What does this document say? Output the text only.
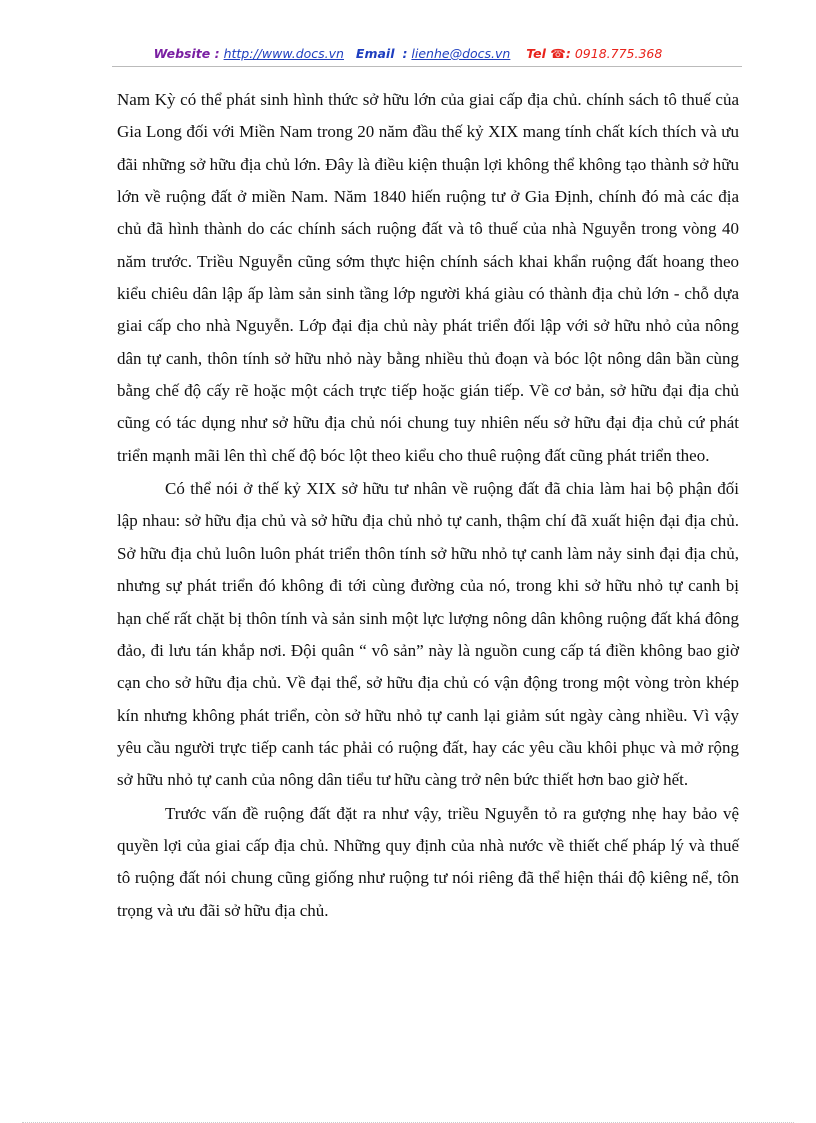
Website : http://www.docs.vn Email : lienhe@docs.vn Tel ☎: 0918.775.368

Nam Kỳ có thể phát sinh hình thức sở hữu lớn của giai cấp địa chủ. chính sách tô thuế của Gia Long đối với Miền Nam trong 20 năm đầu thế kỷ XIX mang tính chất kích thích và ưu đãi những sở hữu địa chủ lớn. Đây là điều kiện thuận lợi không thể không tạo thành sở hữu lớn về ruộng đất ở miền Nam. Năm 1840 hiến ruộng tư ở Gia Định, chính đó mà các địa chủ đã hình thành do các chính sách ruộng đất và tô thuế của nhà Nguyễn trong vòng 40 năm trước. Triều Nguyễn cũng sớm thực hiện chính sách khai khẩn ruộng đất hoang theo kiểu chiêu dân lập ấp làm sản sinh tầng lớp người khá giàu có thành địa chủ lớn - chỗ dựa giai cấp cho nhà Nguyễn. Lớp đại địa chủ này phát triển đối lập với sở hữu nhỏ của nông dân tự canh, thôn tính sở hữu nhỏ này bằng nhiều thủ đoạn và bóc lột nông dân bần cùng bằng chế độ cấy rẽ hoặc một cách trực tiếp hoặc gián tiếp. Về cơ bản, sở hữu đại địa chủ cũng có tác dụng như sở hữu địa chủ nói chung tuy nhiên nếu sở hữu đại địa chủ cứ phát triển mạnh mãi lên thì chế độ bóc lột theo kiểu cho thuê ruộng đất cũng phát triển theo.

Có thể nói ở thế kỷ XIX sở hữu tư nhân về ruộng đất đã chia làm hai bộ phận đối lập nhau: sở hữu địa chủ và sở hữu địa chủ nhỏ tự canh, thậm chí đã xuất hiện đại địa chủ. Sở hữu địa chủ luôn luôn phát triển thôn tính sở hữu nhỏ tự canh làm nảy sinh đại địa chủ, nhưng sự phát triển đó không đi tới cùng đường của nó, trong khi sở hữu nhỏ tự canh bị hạn chế rất chặt bị thôn tính và sản sinh một lực lượng nông dân không ruộng đất khá đông đảo, đi lưu tán khắp nơi. Đội quân “ vô sản” này là nguồn cung cấp tá điền không bao giờ cạn cho sở hữu địa chủ. Về đại thể, sở hữu địa chủ có vận động trong một vòng tròn khép kín nhưng không phát triển, còn sở hữu nhỏ tự canh lại giảm sút ngày càng nhiều. Vì vậy yêu cầu người trực tiếp canh tác phải có ruộng đất, hay các yêu cầu khôi phục và mở rộng sở hữu nhỏ tự canh của nông dân tiểu tư hữu càng trở nên bức thiết hơn bao giờ hết.

Trước vấn đề ruộng đất đặt ra như vậy, triều Nguyễn tỏ ra gượng nhẹ hay bảo vệ quyền lợi của giai cấp địa chủ. Những quy định của nhà nước về thiết chế pháp lý và thuế tô ruộng đất nói chung cũng giống như ruộng tư nói riêng đã thể hiện thái độ kiêng nể, tôn trọng và ưu đãi sở hữu địa chủ.
